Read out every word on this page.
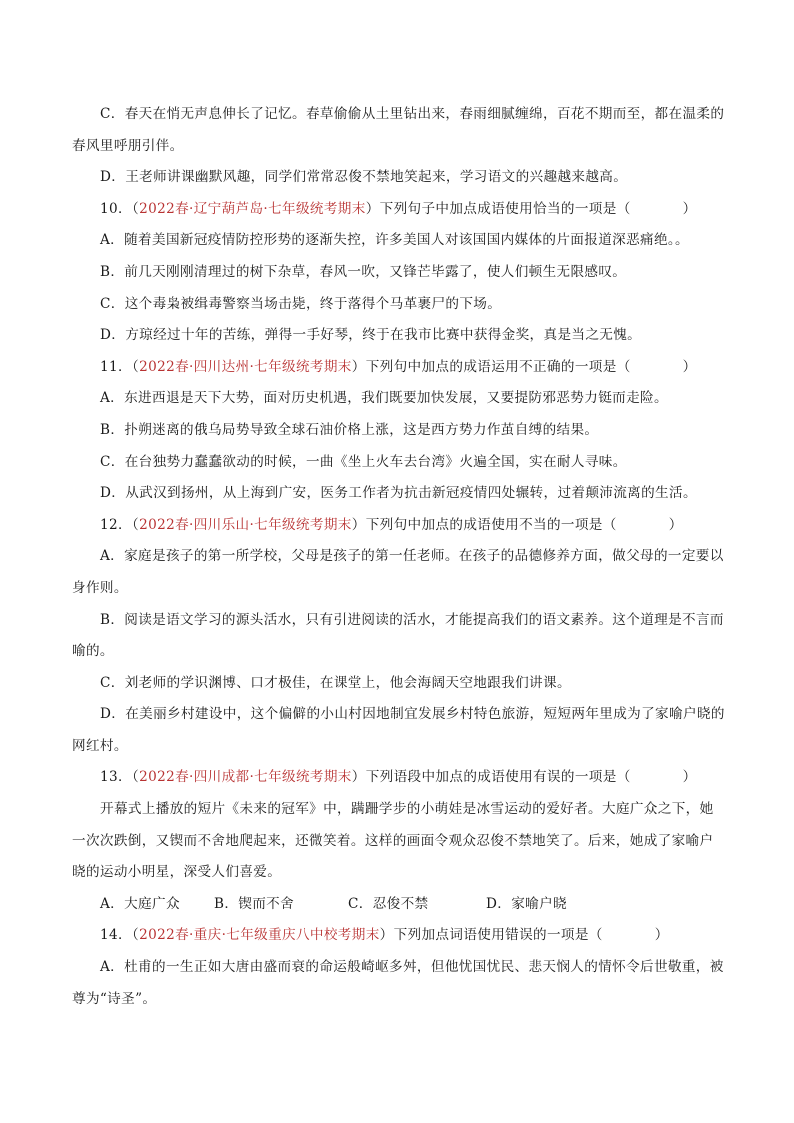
C．春天在悄无声息伸长了记忆。春草偷偷从土里钻出来，春雨细腻缠绵，百花不期而至，都在温柔的
春风里呼朋引伴。
D．王老师讲课幽默风趣，同学们常常忍俊不禁地笑起来，学习语文的兴趣越来越高。
10．（2022春·辽宁葫芦岛·七年级统考期末）下列句子中加点成语使用恰当的一项是（	）
A．随着美国新冠疫情防控形势的逐渐失控，许多美国人对该国国内媒体的片面报道深恶痛绝。。
B．前几天刚刚清理过的树下杂草，春风一吹，又锋芒毕露了，使人们顿生无限感叹。
C．这个毒枭被缉毒警察当场击毙，终于落得个马革裹尸的下场。
D．方琼经过十年的苦练，弹得一手好琴，终于在我市比赛中获得金奖，真是当之无愧。
11．（2022春·四川达州·七年级统考期末）下列句中加点的成语运用不正确的一项是（	）
A．东进西退是天下大势，面对历史机遇，我们既要加快发展，又要提防邪恶势力铤而走险。
B．扑朔迷离的俄乌局势导致全球石油价格上涨，这是西方势力作茧自缚的结果。
C．在台独势力蠢蠢欲动的时候，一曲《坐上火车去台湾》火遍全国，实在耐人寻味。
D．从武汉到扬州，从上海到广安，医务工作者为抗击新冠疫情四处辗转，过着颠沛流离的生活。
12．（2022春·四川乐山·七年级统考期末）下列句中加点的成语使用不当的一项是（	）
A．家庭是孩子的第一所学校，父母是孩子的第一任老师。在孩子的品德修养方面，做父母的一定要以
身作则。
B．阅读是语文学习的源头活水，只有引进阅读的活水，才能提高我们的语文素养。这个道理是不言而
喻的。
C．刘老师的学识渊博、口才极佳，在课堂上，他会海阔天空地跟我们讲课。
D．在美丽乡村建设中，这个偏僻的小山村因地制宜发展乡村特色旅游，短短两年里成为了家喻户晓的
网红村。
13．（2022春·四川成都·七年级统考期末）下列语段中加点的成语使用有误的一项是（	）
开幕式上播放的短片《未来的冠军》中，蹒跚学步的小萌娃是冰雪运动的爱好者。大庭广众之下，她
一次次跌倒，又锲而不舍地爬起来，还微笑着。这样的画面令观众忍俊不禁地笑了。后来，她成了家喻户
晓的运动小明星，深受人们喜爱。
A．大庭广众	B．锲而不舍	C．忍俊不禁	D．家喻户晓
14．（2022春·重庆·七年级重庆八中校考期末）下列加点词语使用错误的一项是（	）
A．杜甫的一生正如大唐由盛而衰的命运般崎岖多舛，但他忧国忧民、悲天悯人的情怀令后世敬重，被
尊为“诗圣”。
